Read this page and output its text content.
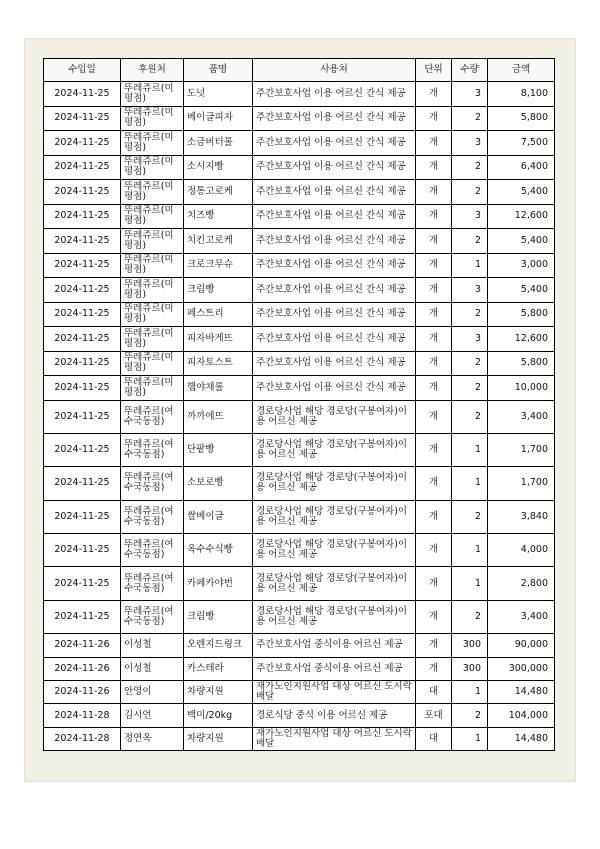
수입일	후원처	품명	사용처	단위	수량	금액
2024-11-25	뚜레쥬르(미평점)	도넛	주간보호사업 이용 어르신 간식 제공	개	3	8,100
2024-11-25	뚜레쥬르(미평점)	베이글피자	주간보호사업 이용 어르신 간식 제공	개	2	5,800
2024-11-25	뚜레쥬르(미평점)	소금버터롤	주간보호사업 이용 어르신 간식 제공	개	3	7,500
2024-11-25	뚜레쥬르(미평점)	소시지빵	주간보호사업 이용 어르신 간식 제공	개	2	6,400
2024-11-25	뚜레쥬르(미평점)	정통고로케	주간보호사업 이용 어르신 간식 제공	개	2	5,400
2024-11-25	뚜레쥬르(미평점)	치즈빵	주간보호사업 이용 어르신 간식 제공	개	3	12,600
2024-11-25	뚜레쥬르(미평점)	치킨고로케	주간보호사업 이용 어르신 간식 제공	개	2	5,400
2024-11-25	뚜레쥬르(미평점)	크로크무슈	주간보호사업 이용 어르신 간식 제공	개	1	3,000
2024-11-25	뚜레쥬르(미평점)	크림빵	주간보호사업 이용 어르신 간식 제공	개	3	5,400
2024-11-25	뚜레쥬르(미평점)	페스트리	주간보호사업 이용 어르신 간식 제공	개	2	5,800
2024-11-25	뚜레쥬르(미평점)	피자바게뜨	주간보호사업 이용 어르신 간식 제공	개	3	12,600
2024-11-25	뚜레쥬르(미평점)	피자토스트	주간보호사업 이용 어르신 간식 제공	개	2	5,800
2024-11-25	뚜레쥬르(미평점)	햄야채롤	주간보호사업 이용 어르신 간식 제공	개	2	10,000
2024-11-25	뚜레쥬르(여수국동점)	까까에뜨	경로당사업 해당 경로당(구봉여자)이용 어르신 제공	개	2	3,400
2024-11-25	뚜레쥬르(여수국동점)	단팥빵	경로당사업 해당 경로당(구봉여자)이용 어르신 제공	개	1	1,700
2024-11-25	뚜레쥬르(여수국동점)	소보로빵	경로당사업 해당 경로당(구봉여자)이용 어르신 제공	개	1	1,700
2024-11-25	뚜레쥬르(여수국동점)	쌀베이글	경로당사업 해당 경로당(구봉여자)이용 어르신 제공	개	2	3,840
2024-11-25	뚜레쥬르(여수국동점)	옥수수식빵	경로당사업 해당 경로당(구봉여자)이용 어르신 제공	개	1	4,000
2024-11-25	뚜레쥬르(여수국동점)	카페카야번	경로당사업 해당 경로당(구봉여자)이용 어르신 제공	개	1	2,800
2024-11-25	뚜레쥬르(여수국동점)	크림빵	경로당사업 해당 경로당(구봉여자)이용 어르신 제공	개	2	3,400
2024-11-26	이성철	오렌지드링크	주간보호사업 중식이용 어르신 제공	개	300	90,000
2024-11-26	이성철	카스테라	주간보호사업 중식이용 어르신 제공	개	300	300,000
2024-11-26	안영이	차량지원	재가노인지원사업 대상 어르신 도시락 배달	대	1	14,480
2024-11-28	김시언	백미/20kg	경로식당 중식 이용 어르신 제공	포대	2	104,000
2024-11-28	정연옥	차량지원	재가노인지원사업 대상 어르신 도시락 배달	대	1	14,480
